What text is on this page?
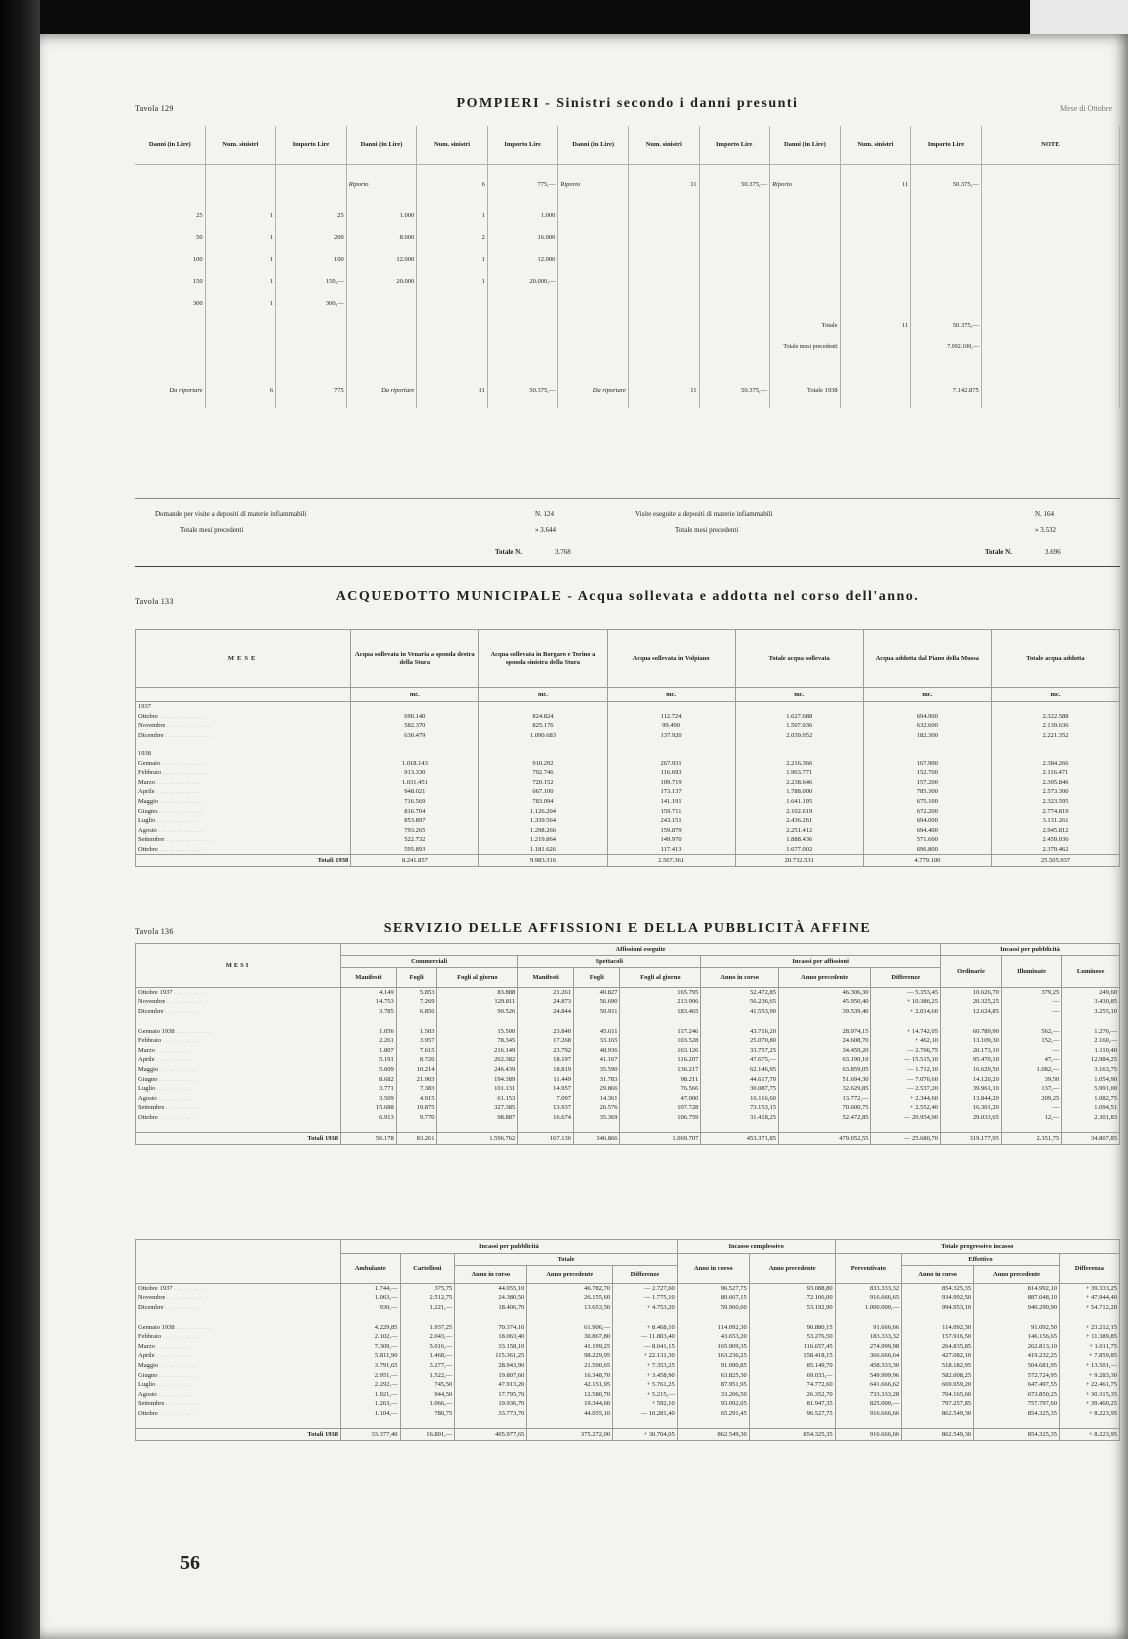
Tavola 129	POMPIERI - Sinistri secondo i danni presunti	Mese di Ottobre
Danni (in Lire)	Num. sinistri	Importo Lire	Danni (in Lire)	Num. sinistri	Importo Lire	Danni (in Lire)	Num. sinistri	Importo Lire	Danni (in Lire)	Num. sinistri	Importo Lire	NOTE
			Riporto	6	775,—	Riporto	11	50.375,—	Riporto	11	50.375,—	
25	1	25	1.000	1	1.000							
50	1	200	8.000	2	16.000							
100	1	100	12.000	1	12.000							
150	1	150,—	20.000	1	20.000,—							
300	1	300,—										
									Totale	11	50.375,—	
									Totale mesi precedenti		7.092.100,—	

Da riportare	6	775	Da riportare	11	50.375,—	Da riportare	11	50.375,—	Totale 1938		7.142.875	
Domande per visite a depositi di materie infiammabili	N. 124
Totale mesi precedenti	» 3.644
Totale N.	3.768
Visite eseguite a depositi di materie infiammabili	N. 164
Totale mesi precedenti	» 3.532
Totale N.	3.696
Tavola 133	ACQUEDOTTO MUNICIPALE - Acqua sollevata e addotta nel corso dell'anno.
MESE	Acqua sollevata in Venaria a sponda destra della Stura	Acqua sollevata in Borgaro e Torino a sponda sinistra della Stura	Acqua sollevata in Volpiano	Totale acqua sollevata	Acqua addotta dal Piano della Mussa	Totale acqua addotta
	mc.	mc.	mc.	mc.	mc.	mc.
1937						
Ottobre . . . . . . . . . . . . . .	690.140	824.824	112.724	1.627.688	694.900	2.322.588
Novembre . . . . . . . . . . . . . .	582.370	825.176	99.490	1.507.036	632.600	2.139.636
Dicembre . . . . . . . . . . . . . .	630.479	1.090.683	137.920	2.039.052	182.300	2.221.352

1938						
Gennaio . . . . . . . . . . . . . .	1.018.143	910.292	267.931	2.216.366	167.900	2.384.266
Febbraio . . . . . . . . . . . . . .	913.330	792.746	116.693	1.963.771	152.700	2.116.471
Marzo . . . . . . . . . . . . . .	1.031.451	720.152	109.719	2.238.646	157.200	2.395.846
Aprile . . . . . . . . . . . . . .	948.021	667.100	173.137	1.788.000	785.300	2.573.300
Maggio . . . . . . . . . . . . . .	716.569	783.094	141.191	1.641.195	675.100	2.323.595
Giugno . . . . . . . . . . . . . .	816.704	1.126.204	159.711	2.102.619	672.200	2.774.819
Luglio . . . . . . . . . . . . . .	853.897	1.339.564	243.151	2.436.261	694.000	3.131.261
Agosto . . . . . . . . . . . . . .	793.265	1.298.266	159.879	2.251.412	694.400	2.945.812
Settembre . . . . . . . . . . . . . .	522.732	1.219.864	149.970	1.888.436	571.600	2.459.036
Ottobre . . . . . . . . . . . . . .	595.893	1.181.626	117.413	1.677.002	696.800	2.379.462
Totali 1938	8.241.857	9.983.316	2.567.361	20.732.531	4.779.100	25.505.937
Tavola 136	SERVIZIO DELLE AFFISSIONI E DELLA PUBBLICITÀ AFFINE
MESI	Affissioni eseguite									Incassi per pubblicità		
	Commerciali			Spettacoli			Incassi per affissioni			Ordinarie	Illuminate	Luminose
	Manifesti	Fogli	Fogli al giorno	Manifesti	Fogli	Fogli al giorno	Anno in corso	Anno precedente	Differenze			
Ottobre 1937 . . . . . . . . . . .	4.149	5.853	83.888	21.261	40.827	165.795	52.472,85	46.306,30	— 5.353,45	10.626,70	379,25	249,60
Novembre . . . . . . . . . . .	14.753	7.269	129.811	24.873	56.690	213.906	56.236,65	45.950,40	+ 10.386,25	20.325,25	—	3.430,85
Dicembre . . . . . . . . . . .	3.785	6.856	90.526	24.844	50.911	183.465	41.553,90	39.539,40	+ 2.014,60	12.624,85	—	3.255,10

Gennaio 1938 . . . . . . . . . . .	1.056	1.503	15.500	23.840	45.611	117.246	43.716,20	28.974,15	+ 14.742,05	60.789,90	562,—	1.276,—
Febbraio . . . . . . . . . . .	2.261	3.957	78.345	17.268	33.165	103.528	25.070,80	24.608,70	+ 462,10	13.109,30	152,—	2.160,—
Marzo . . . . . . . . . . .	1.807	7.615	216.149	23.792	48.936	163.126	33.757,25	34.459,20	— 2.706,75	20.173,10	—	1.110,40
Aprile . . . . . . . . . . .	5.191	8.726	262.382	18.197	41.167	116.207	47.675,—	63.190,10	— 15.515,10	95.470,10	47,—	12.984,25
Maggio . . . . . . . . . . .	5.609	10.214	246.439	18.819	35.590	136.217	62.146,95	63.859,05	— 1.712,10	16.629,50	1.082,—	3.163,75
Giugno . . . . . . . . . . .	8.682	21.903	194.389	11.449	31.783	98.211	44.617,70	51.694,30	— 7.076,60	14.120,20	39,50	1.054,90
Luglio . . . . . . . . . . .	3.771	7.383	101.131	14.957	29.866	76.566	30.087,75	32.629,85	— 2.537,20	39.961,10	137,—	5.991,00
Agosto . . . . . . . . . . .	3.509	4.915	61.153	7.097	14.361	47.000	16.116,60	13.772,—	+ 2.344,60	13.844,20	209,25	1.082,75
Settembre . . . . . . . . . . .	15.688	19.875	327.385	13.937	26.576	107.728	73.153,15	70.600,75	+ 2.552,40	16.301,20	—	1.094,51
Ottobre . . . . . . . . . . .	6.913	9.770	98.887	16.674	35.369	106.759	31.418,25	52.472,85	— 20.954,90	29.033,65	12,—	2.301,83

Totali 1938	56.178	83.261	1.596.762	167.136	346.866	1.069.707	453.371,85	479.052,55	— 25.680,70	319.177,95	2.351,75	34.807,85
	Incassi per pubblicità					Incasso complessivo		Totale progressivo incasso			
	Ambulante	Cartelloni	Totale			Anno in corso	Anno precedente	Preventivato	Effettivo		Differenza
			Anno in corso	Anno precedente	Differenze				Anno in corso	Anno precedente	
Ottobre 1937 . . . . . . . . . . .	1.744,—	375,75	44.055,10	46.782,70	— 2.727,60	96.527,75	93.088,80	833.333,32	854.325,35	814.992,10	+ 39.333,25
Novembre . . . . . . . . . . .	1.063,—	2.512,75	24.380,50	26.155,60	— 1.775,10	80.667,15	72.106,00	916.666,65	934.992,50	887.048,10	+ 47.944,40
Dicembre . . . . . . . . . . .	930,—	1.221,—	18.406,70	13.653,50	+ 4.753,20	59.960,60	53.192,90	1.000.000,—	994.953,10	940.290,90	+ 54.712,20

Gennaio 1938 . . . . . . . . . . .	4.229,85	1.937,25	70.374,10	61.906,—	+ 8.468,10	114.092,30	90.880,15	91.666,66	114.092,30	91.092,50	+ 23.212,15
Febbraio . . . . . . . . . . .	2.102,—	2.043,—	18.063,40	30.867,80	— 11.803,40	43.653,20	53.276,50	183.333,32	157.916,50	146.156,65	+ 11.389,85
Marzo . . . . . . . . . . .	7.309,—	5.016,—	33.158,10	41.199,25	— 8.041,15	165.909,35	116.657,45	274.999,98	264.835,85	262.813,10	+ 1.011,75
Aprile . . . . . . . . . . .	5.811,90	1.468,—	115.361,25	98.229,95	+ 22.131,30	163.236,25	158.418,15	366.666,64	427.082,10	419.232,25	+ 7.859,85
Maggio . . . . . . . . . . .	3.791,65	3.277,—	28.943,90	21.590,65	+ 7.353,25	91.090,85	85.149,70	458.333,30	518.182,95	504.681,95	+ 13.501,—
Giugno . . . . . . . . . . .	2.951,—	1.522,—	19.807,60	16.348,70	+ 3.458,90	63.825,30	69.033,—	549.999,96	582.008,25	572.724,95	+ 9.283,30
Luglio . . . . . . . . . . .	2.292,—	745,50	47.913,20	42.151,95	+ 5.761,25	87.951,95	74.772,60	641.666,62	669.959,20	647.497,55	+ 22.461,75
Agosto . . . . . . . . . . .	1.921,—	944,50	17.795,70	12.580,70	+ 5.215,—	33.206,50	26.352,70	733.333,28	704.165,60	673.850,25	+ 30.315,35
Settembre . . . . . . . . . . .	1.263,—	1.066,—	19.936,70	19.344,60	+ 592,10	93.092,05	81.947,35	825.000,—	797.257,85	757.797,60	+ 39.460,25
Ottobre . . . . . . . . . . .	1.104,—	780,75	33.773,70	44.055,10	— 10.281,40	65.291,45	96.527,75	916.666,66	862.549,30	854.325,35	+ 8.223,95

Totali 1938	33.377,40	16.801,—	405.977,65	375.272,00	+ 30.704,05	862.549,30	854.325,35	916.666,66	862.549,30	854.325,35	+ 8.223,95
56
